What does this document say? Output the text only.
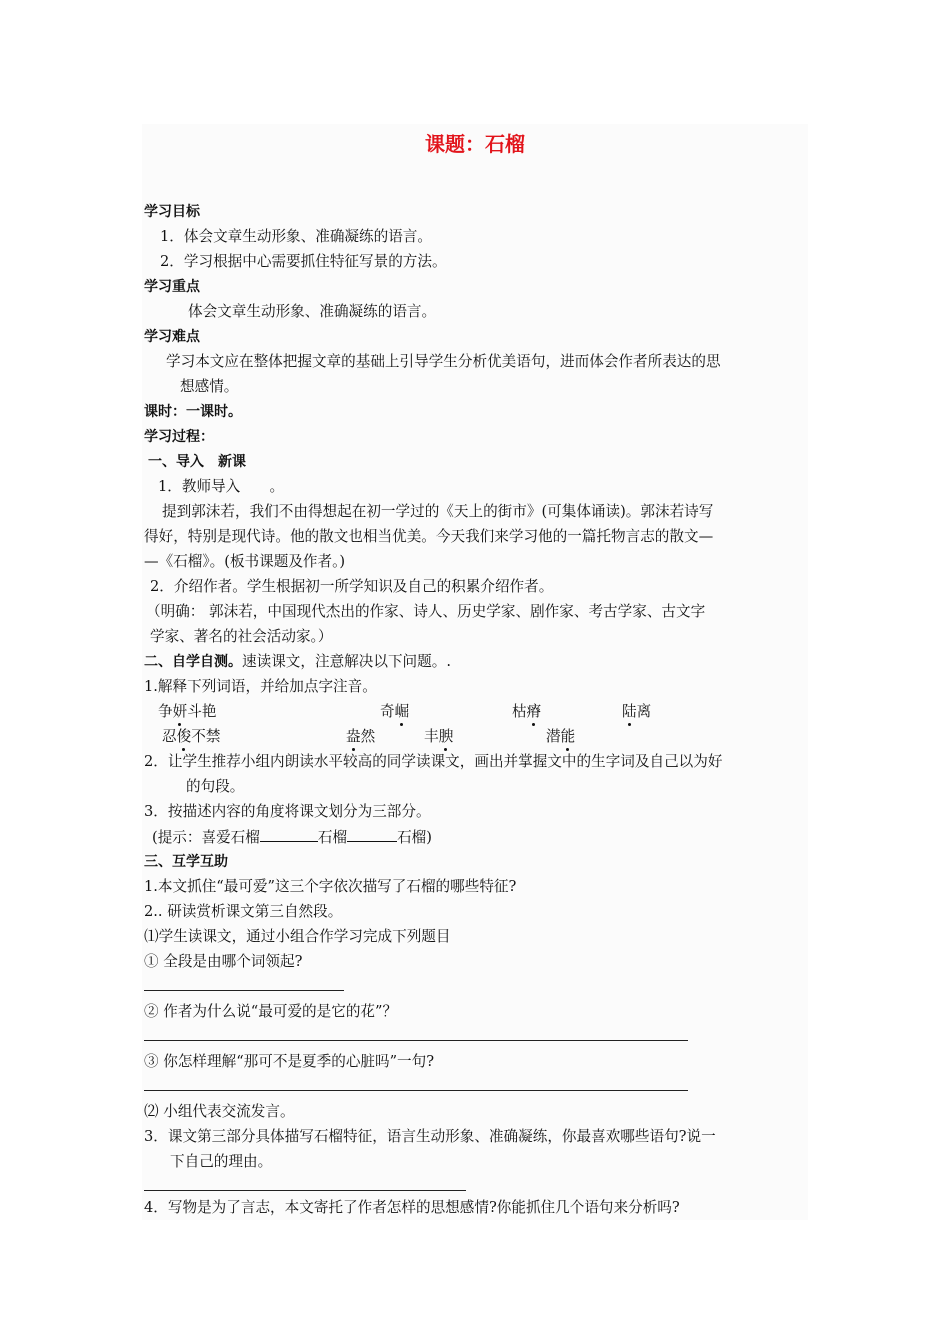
课题：石榴
学习目标
1．体会文章生动形象、准确凝练的语言。
2．学习根据中心需要抓住特征写景的方法。
学习重点
体会文章生动形象、准确凝练的语言。
学习难点
学习本文应在整体把握文章的基础上引导学生分析优美语句，进而体会作者所表达的思
想感情。
课时：一课时。
学习过程：
一、导入　新课
1．教师导入　　。
提到郭沫若，我们不由得想起在初一学过的《天上的街市》(可集体诵读)。郭沫若诗写
得好，特别是现代诗。他的散文也相当优美。今天我们来学习他的一篇托物言志的散文—
—《石榴》。(板书课题及作者。)
2．介绍作者。学生根据初一所学知识及自己的积累介绍作者。
（明确： 郭沫若，中国现代杰出的作家、诗人、历史学家、剧作家、考古学家、古文字
学家、著名的社会活动家。）
二、自学自测。速读课文，注意解决以下问题。.
1.解释下列词语，并给加点字注音。
争妍斗艳	奇崛	枯瘠	陆离
忍俊不禁	盎然	丰腴	潜能
2．让学生推荐小组内朗读水平较高的同学读课文，画出并掌握文中的生字词及自己以为好
的句段。
3．按描述内容的角度将课文划分为三部分。
(提示：喜爱石榴	石榴	石榴)
三、互学互助
1.本文抓住“最可爱”这三个字依次描写了石榴的哪些特征?
2.. 研读赏析课文第三自然段。
⑴学生读课文，通过小组合作学习完成下列题目
① 全段是由哪个词领起?
② 作者为什么说“最可爱的是它的花”？
③ 你怎样理解“那可不是夏季的心脏吗”一句?
⑵ 小组代表交流发言。
3．课文第三部分具体描写石榴特征，语言生动形象、准确凝练，你最喜欢哪些语句?说一
下自己的理由。
4．写物是为了言志，本文寄托了作者怎样的思想感情?你能抓住几个语句来分析吗?
